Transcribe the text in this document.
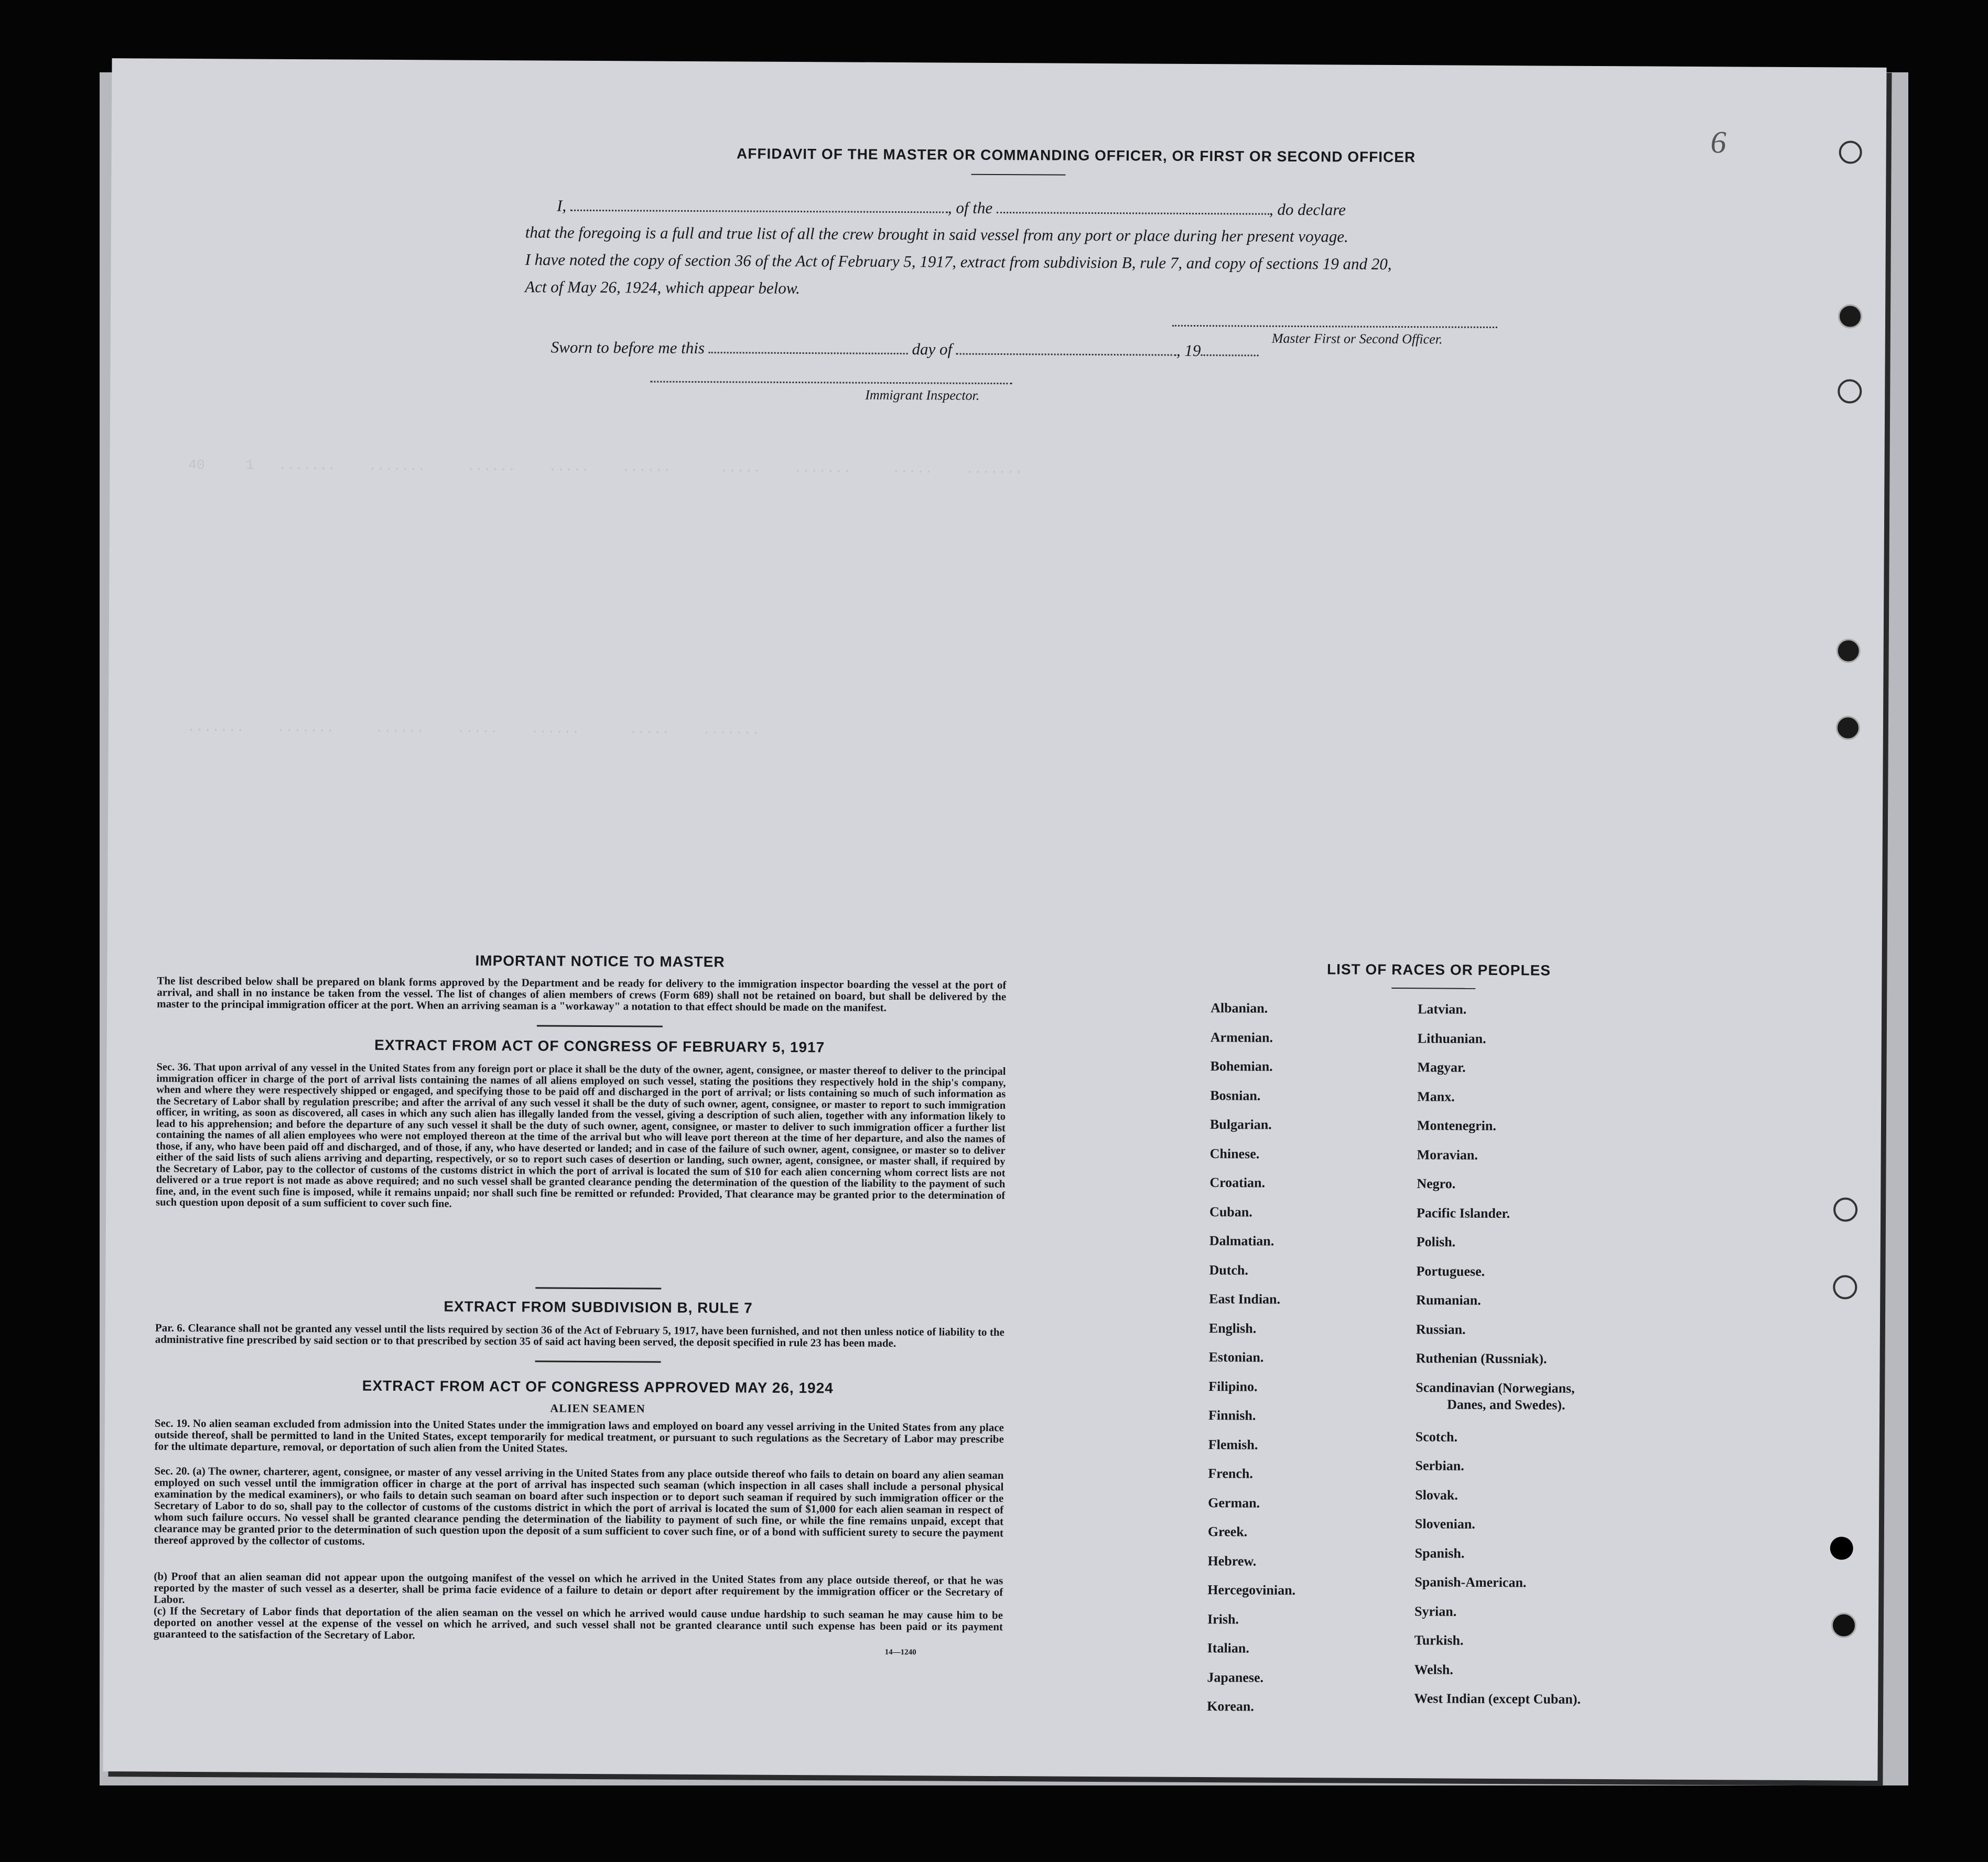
40     1   .......    .......     ......    .....    ......      .....    .......     .....    .......
.......    .......     ......    .....    ......      .....    .......
6
AFFIDAVIT OF THE MASTER OR COMMANDING OFFICER, OR FIRST OR SECOND OFFICER
I,	, of the	, do declare
that the foregoing is a full and true list of all the crew brought in said vessel from any port or place during her present voyage.
I have noted the copy of section 36 of the Act of February 5, 1917, extract from subdivision B, rule 7, and copy of sections 19 and 20,
Act of May 26, 1924, which appear below.
Master First or Second Officer.
Sworn to before me this	day of	, 19
Immigrant Inspector.
IMPORTANT NOTICE TO MASTER
The list described below shall be prepared on blank forms approved by the Department and be ready for delivery to the immigration inspector boarding the vessel at the port of arrival, and shall in no instance be taken from the vessel. The list of changes of alien members of crews (Form 689) shall not be retained on board, but shall be delivered by the master to the principal immigration officer at the port. When an arriving seaman is a "workaway" a notation to that effect should be made on the manifest.
EXTRACT FROM ACT OF CONGRESS OF FEBRUARY 5, 1917
Sec. 36. That upon arrival of any vessel in the United States from any foreign port or place it shall be the duty of the owner, agent, consignee, or master thereof to deliver to the principal immigration officer in charge of the port of arrival lists containing the names of all aliens employed on such vessel, stating the positions they respectively hold in the ship's company, when and where they were respectively shipped or engaged, and specifying those to be paid off and discharged in the port of arrival; or lists containing so much of such information as the Secretary of Labor shall by regulation prescribe; and after the arrival of any such vessel it shall be the duty of such owner, agent, consignee, or master to report to such immigration officer, in writing, as soon as discovered, all cases in which any such alien has illegally landed from the vessel, giving a description of such alien, together with any information likely to lead to his apprehension; and before the departure of any such vessel it shall be the duty of such owner, agent, consignee, or master to deliver to such immigration officer a further list containing the names of all alien employees who were not employed thereon at the time of the arrival but who will leave port thereon at the time of her departure, and also the names of those, if any, who have been paid off and discharged, and of those, if any, who have deserted or landed; and in case of the failure of such owner, agent, consignee, or master so to deliver either of the said lists of such aliens arriving and departing, respectively, or so to report such cases of desertion or landing, such owner, agent, consignee, or master shall, if required by the Secretary of Labor, pay to the collector of customs of the customs district in which the port of arrival is located the sum of $10 for each alien concerning whom correct lists are not delivered or a true report is not made as above required; and no such vessel shall be granted clearance pending the determination of the question of the liability to the payment of such fine, and, in the event such fine is imposed, while it remains unpaid; nor shall such fine be remitted or refunded: Provided, That clearance may be granted prior to the determination of such question upon deposit of a sum sufficient to cover such fine.
EXTRACT FROM SUBDIVISION B, RULE 7
Par. 6. Clearance shall not be granted any vessel until the lists required by section 36 of the Act of February 5, 1917, have been furnished, and not then unless notice of liability to the administrative fine prescribed by said section or to that prescribed by section 35 of said act having been served, the deposit specified in rule 23 has been made.
EXTRACT FROM ACT OF CONGRESS APPROVED MAY 26, 1924
ALIEN SEAMEN
Sec. 19. No alien seaman excluded from admission into the United States under the immigration laws and employed on board any vessel arriving in the United States from any place outside thereof, shall be permitted to land in the United States, except temporarily for medical treatment, or pursuant to such regulations as the Secretary of Labor may prescribe for the ultimate departure, removal, or deportation of such alien from the United States.
Sec. 20. (a) The owner, charterer, agent, consignee, or master of any vessel arriving in the United States from any place outside thereof who fails to detain on board any alien seaman employed on such vessel until the immigration officer in charge at the port of arrival has inspected such seaman (which inspection in all cases shall include a personal physical examination by the medical examiners), or who fails to detain such seaman on board after such inspection or to deport such seaman if required by such immigration officer or the Secretary of Labor to do so, shall pay to the collector of customs of the customs district in which the port of arrival is located the sum of $1,000 for each alien seaman in respect of whom such failure occurs. No vessel shall be granted clearance pending the determination of the liability to payment of such fine, or while the fine remains unpaid, except that clearance may be granted prior to the determination of such question upon the deposit of a sum sufficient to cover such fine, or of a bond with sufficient surety to secure the payment thereof approved by the collector of customs.
(b) Proof that an alien seaman did not appear upon the outgoing manifest of the vessel on which he arrived in the United States from any place outside thereof, or that he was reported by the master of such vessel as a deserter, shall be prima facie evidence of a failure to detain or deport after requirement by the immigration officer or the Secretary of Labor.
(c) If the Secretary of Labor finds that deportation of the alien seaman on the vessel on which he arrived would cause undue hardship to such seaman he may cause him to be deported on another vessel at the expense of the vessel on which he arrived, and such vessel shall not be granted clearance until such expense has been paid or its payment guaranteed to the satisfaction of the Secretary of Labor.
14—1240
LIST OF RACES OR PEOPLES
Albanian.
Armenian.
Bohemian.
Bosnian.
Bulgarian.
Chinese.
Croatian.
Cuban.
Dalmatian.
Dutch.
East Indian.
English.
Estonian.
Filipino.
Finnish.
Flemish.
French.
German.
Greek.
Hebrew.
Hercegovinian.
Irish.
Italian.
Japanese.
Korean.
Latvian.
Lithuanian.
Magyar.
Manx.
Montenegrin.
Moravian.
Negro.
Pacific Islander.
Polish.
Portuguese.
Rumanian.
Russian.
Ruthenian (Russniak).
Scandinavian (Norwegians,
Danes, and Swedes).
Scotch.
Serbian.
Slovak.
Slovenian.
Spanish.
Spanish-American.
Syrian.
Turkish.
Welsh.
West Indian (except Cuban).
